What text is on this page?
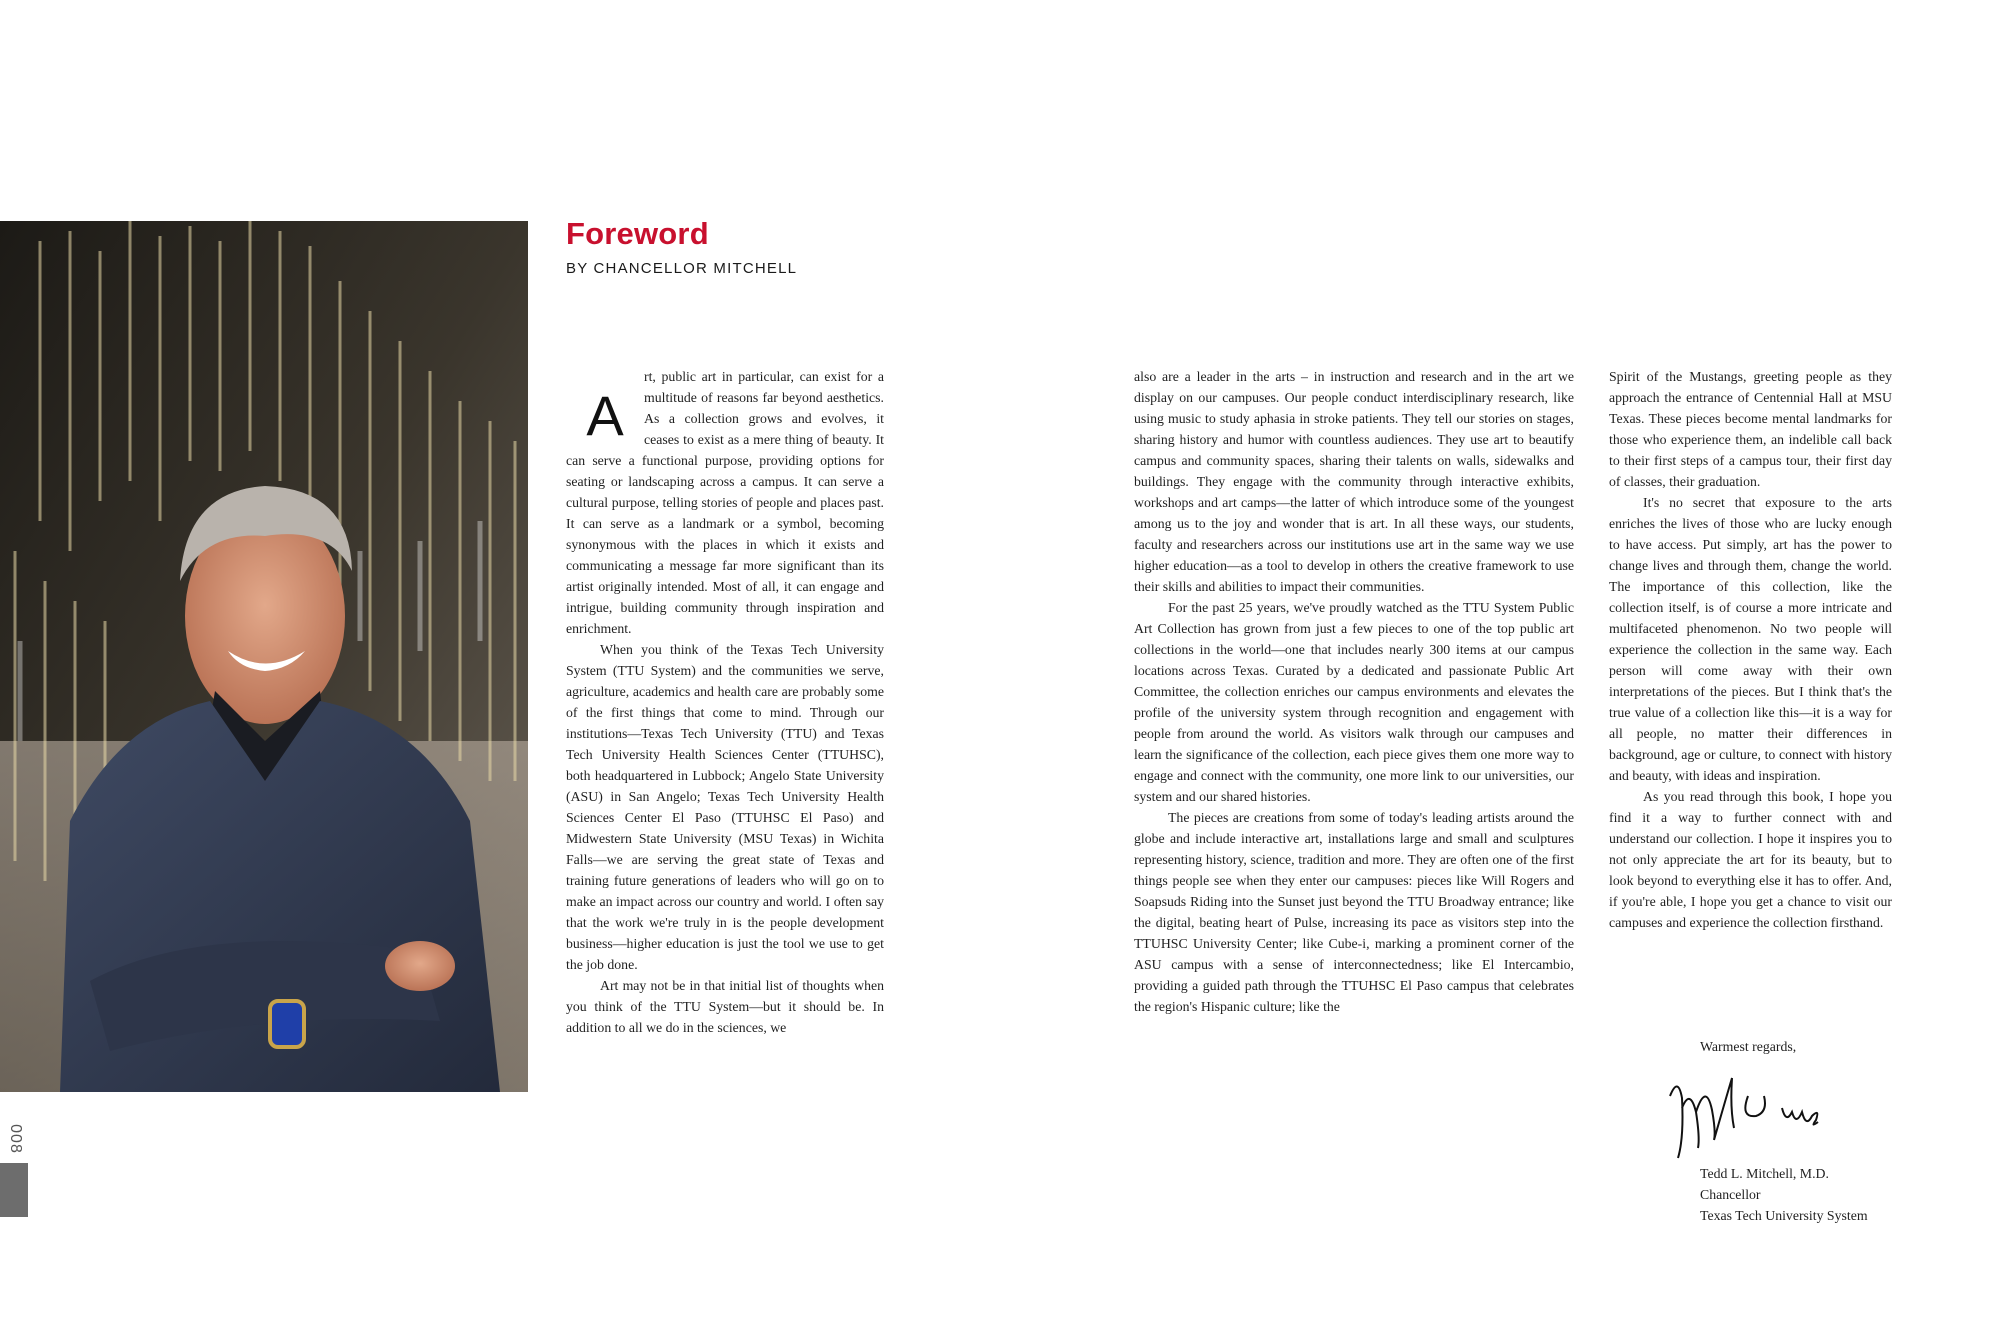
Foreword
BY CHANCELLOR MITCHELL
A

rt, public art in particular, can exist for a multitude of reasons far beyond aesthetics. As a collection grows and evolves, it ceases to exist as a mere thing of beauty. It can serve a functional purpose, providing options for seating or landscaping across a campus. It can serve a cultural purpose, telling stories of people and places past. It can serve as a landmark or a symbol, becoming synonymous with the places in which it exists and communicating a message far more significant than its artist originally intended. Most of all, it can engage and intrigue, building community through inspiration and enrichment.

When you think of the Texas Tech University System (TTU System) and the communities we serve, agriculture, academics and health care are probably some of the first things that come to mind. Through our institutions—Texas Tech University (TTU) and Texas Tech University Health Sciences Center (TTUHSC), both headquartered in Lubbock; Angelo State University (ASU) in San Angelo; Texas Tech University Health Sciences Center El Paso (TTUHSC El Paso) and Midwestern State University (MSU Texas) in Wichita Falls—we are serving the great state of Texas and training future generations of leaders who will go on to make an impact across our country and world. I often say that the work we're truly in is the people development business—higher education is just the tool we use to get the job done.

Art may not be in that initial list of thoughts when you think of the TTU System—but it should be. In addition to all we do in the sciences, we

also are a leader in the arts – in instruction and research and in the art we display on our campuses. Our people conduct interdisciplinary research, like using music to study aphasia in stroke patients. They tell our stories on stages, sharing history and humor with countless audiences. They use art to beautify campus and community spaces, sharing their talents on walls, sidewalks and buildings. They engage with the community through interactive exhibits, workshops and art camps—the latter of which introduce some of the youngest among us to the joy and wonder that is art. In all these ways, our students, faculty and researchers across our institutions use art in the same way we use higher education—as a tool to develop in others the creative framework to use their skills and abilities to impact their communities.

For the past 25 years, we've proudly watched as the TTU System Public Art Collection has grown from just a few pieces to one of the top public art collections in the world—one that includes nearly 300 items at our campus locations across Texas. Curated by a dedicated and passionate Public Art Committee, the collection enriches our campus environments and elevates the profile of the university system through recognition and engagement with people from around the world. As visitors walk through our campuses and learn the significance of the collection, each piece gives them one more way to engage and connect with the community, one more link to our universities, our system and our shared histories.

The pieces are creations from some of today's leading artists around the globe and include interactive art, installations large and small and sculptures representing history, science, tradition and more. They are often one of the first things people see when they enter our campuses: pieces like Will Rogers and Soapsuds Riding into the Sunset just beyond the TTU Broadway entrance; like the digital, beating heart of Pulse, increasing its pace as visitors step into the TTUHSC University Center; like Cube-i, marking a prominent corner of the ASU campus with a sense of interconnectedness; like El Intercambio, providing a guided path through the TTUHSC El Paso campus that celebrates the region's Hispanic culture; like the

Spirit of the Mustangs, greeting people as they approach the entrance of Centennial Hall at MSU Texas. These pieces become mental landmarks for those who experience them, an indelible call back to their first steps of a campus tour, their first day of classes, their graduation.

It's no secret that exposure to the arts enriches the lives of those who are lucky enough to have access. Put simply, art has the power to change lives and through them, change the world. The importance of this collection, like the collection itself, is of course a more intricate and multifaceted phenomenon. No two people will experience the collection in the same way. Each person will come away with their own interpretations of the pieces. But I think that's the true value of a collection like this—it is a way for all people, no matter their differences in background, age or culture, to connect with history and beauty, with ideas and inspiration.

As you read through this book, I hope you find it a way to further connect with and understand our collection. I hope it inspires you to not only appreciate the art for its beauty, but to look beyond to everything else it has to offer. And, if you're able, I hope you get a chance to visit our campuses and experience the collection firsthand.

Warmest regards,
Tedd L. Mitchell, M.D.
Chancellor
Texas Tech University System
008
